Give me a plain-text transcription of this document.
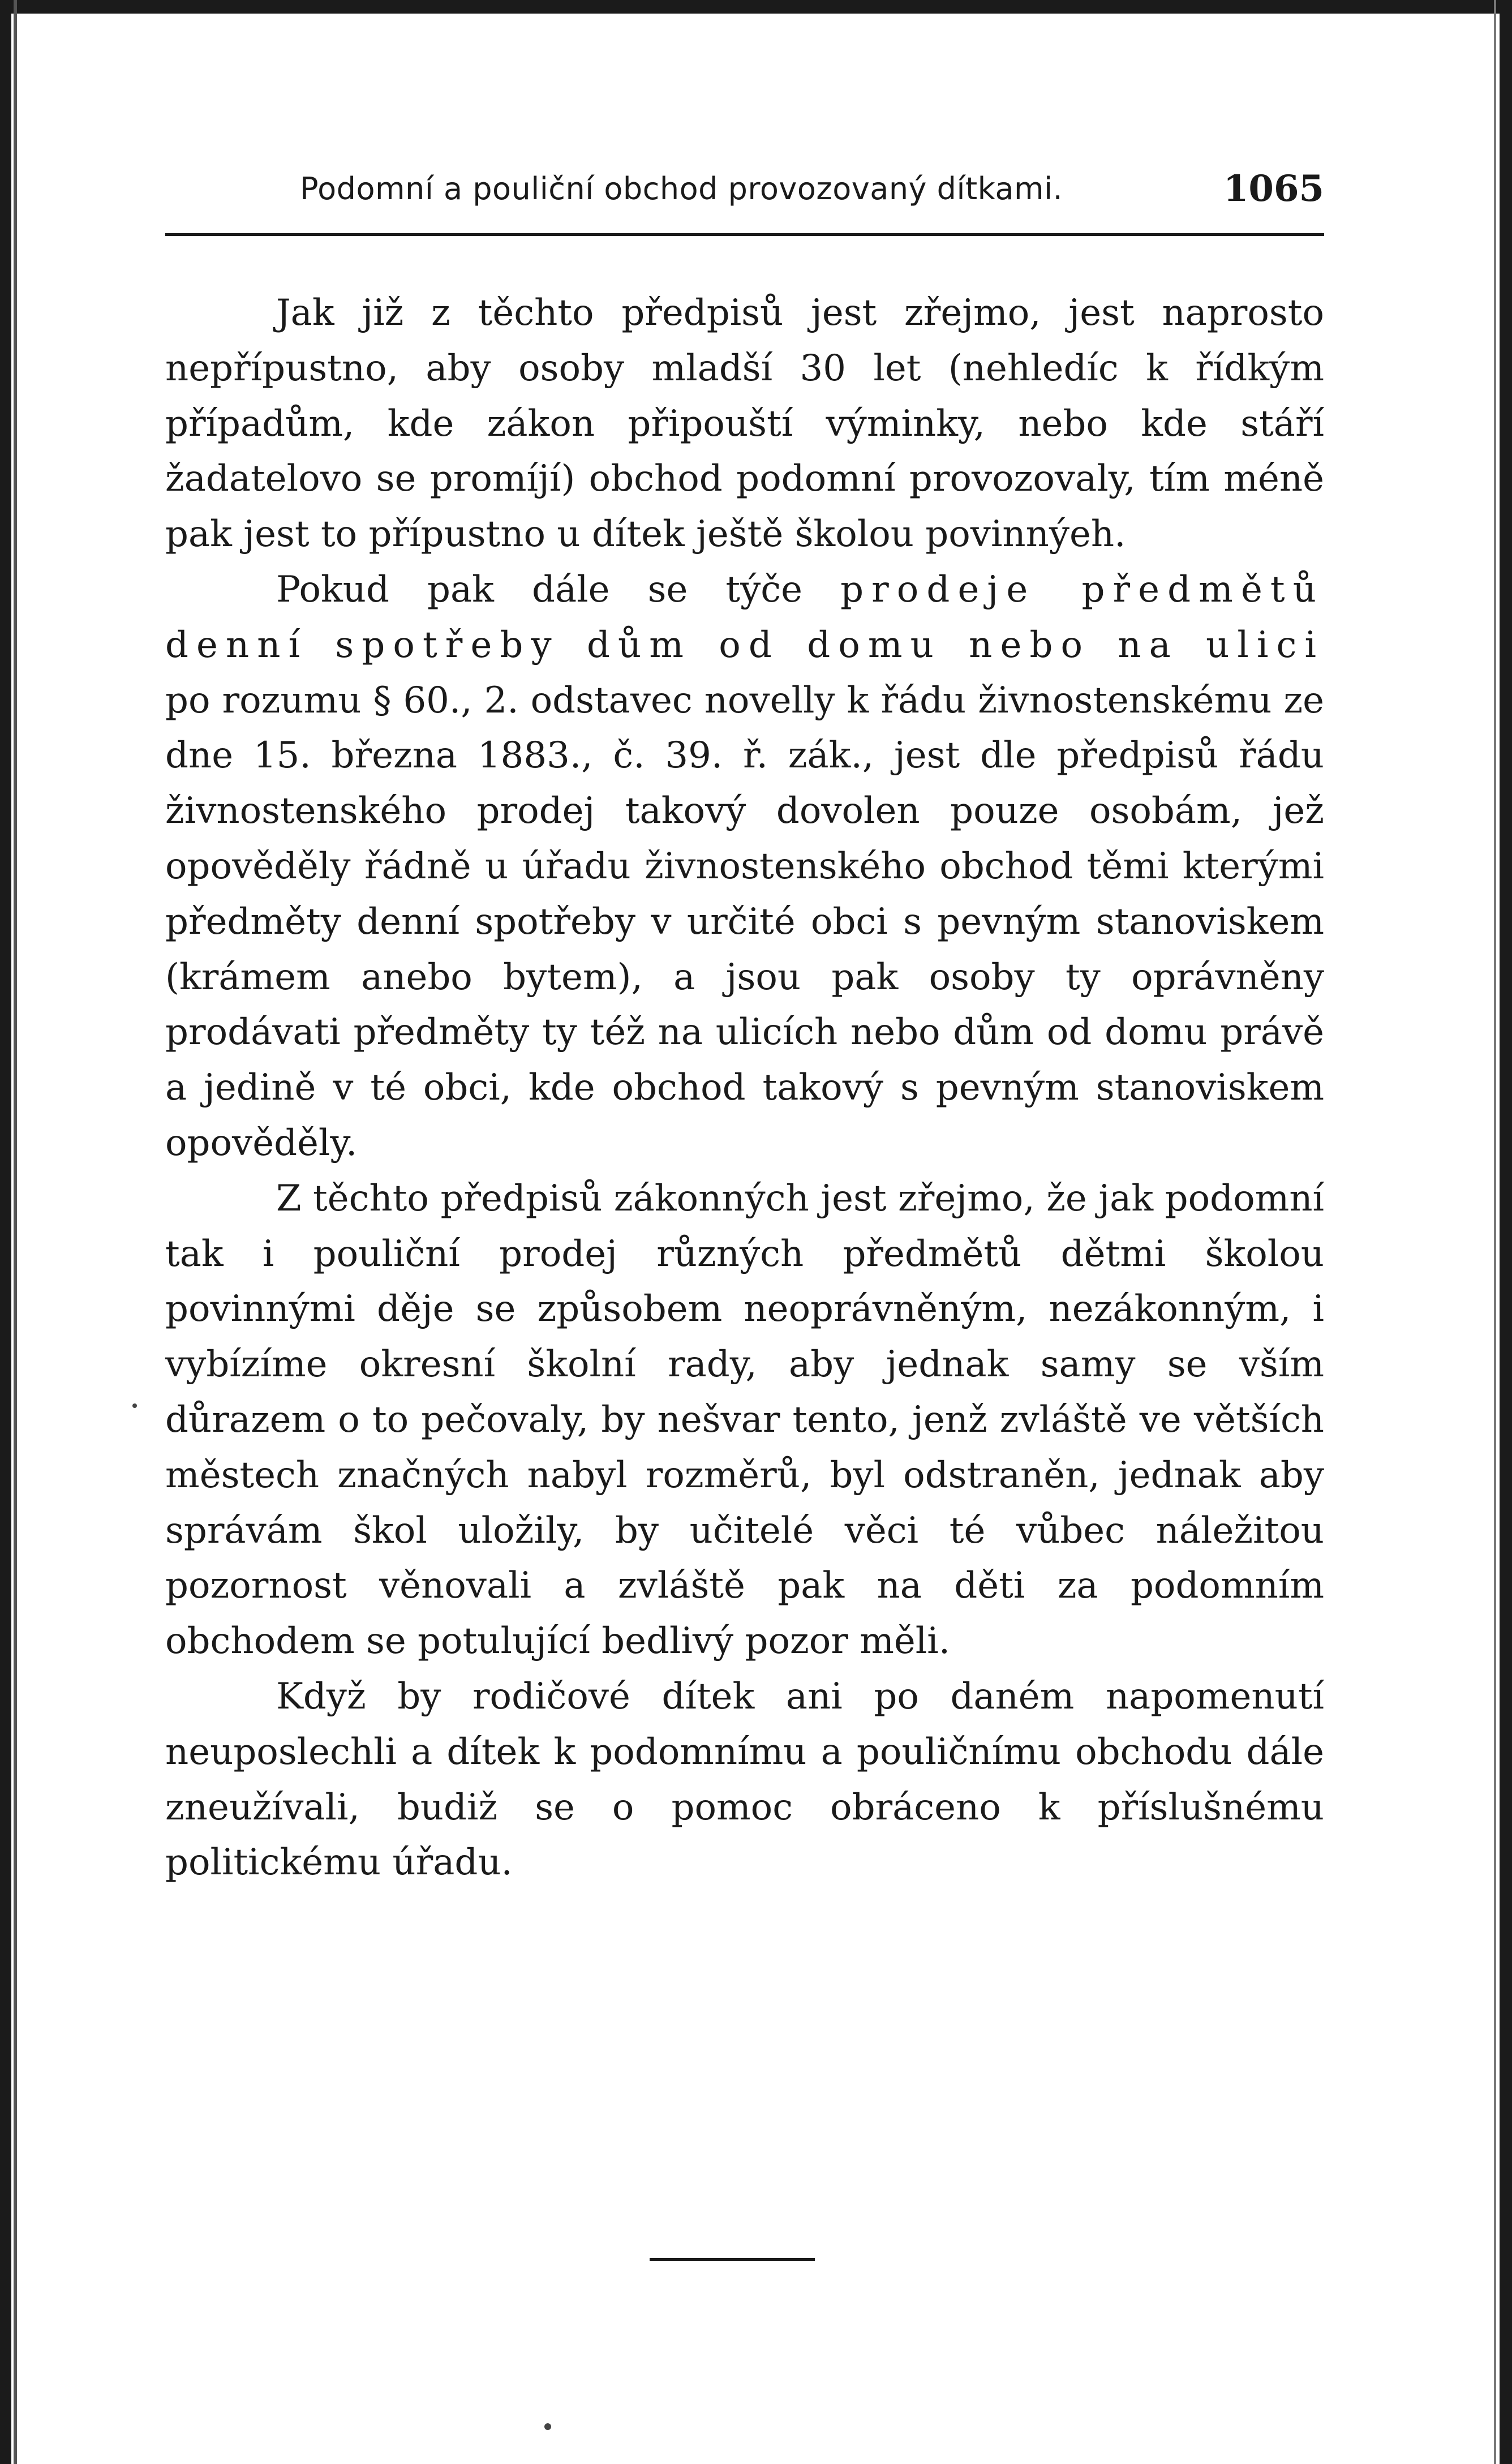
Podomní a pouliční obchod provozovaný dítkami.	1065

Jak již z těchto předpisů jest zřejmo, jest naprosto nepřípustno, aby osoby mladší 30 let (nehledíc k řídkým případům, kde zákon připouští výminky, nebo kde stáří žadatelovo se promíjí) obchod podomní provozovaly, tím méně pak jest to přípustno u dítek ještě školou povinnýeh.

Pokud pak dále se týče prodeje předmětů denní spotřeby dům od domu nebo na ulici po rozumu § 60., 2. odstavec novelly k řádu živnostenskému ze dne 15. března 1883., č. 39. ř. zák., jest dle předpisů řádu živnostenského prodej takový dovolen pouze osobám, jež opověděly řádně u úřadu živnostenského obchod těmi kterými předměty denní spotřeby v určité obci s pevným stanoviskem (krámem anebo bytem), a jsou pak osoby ty oprávněny prodávati předměty ty též na ulicích nebo dům od domu právě a jedině v té obci, kde obchod takový s pevným stanoviskem opověděly.

Z těchto předpisů zákonných jest zřejmo, že jak podomní tak i pouliční prodej různých předmětů dětmi školou povinnými děje se způsobem neoprávněným, nezákonným, i vybízíme okresní školní rady, aby jednak samy se vším důrazem o to pečovaly, by nešvar tento, jenž zvláště ve větších městech značných nabyl rozměrů, byl odstraněn, jednak aby správám škol uložily, by učitelé věci té vůbec náležitou pozornost věnovali a zvláště pak na děti za podomním obchodem se potulující bedlivý pozor měli.

Když by rodičové dítek ani po daném napomenutí neuposlechli a dítek k podomnímu a pouličnímu obchodu dále zneužívali, budiž se o pomoc obráceno k příslušnému politickému úřadu.
